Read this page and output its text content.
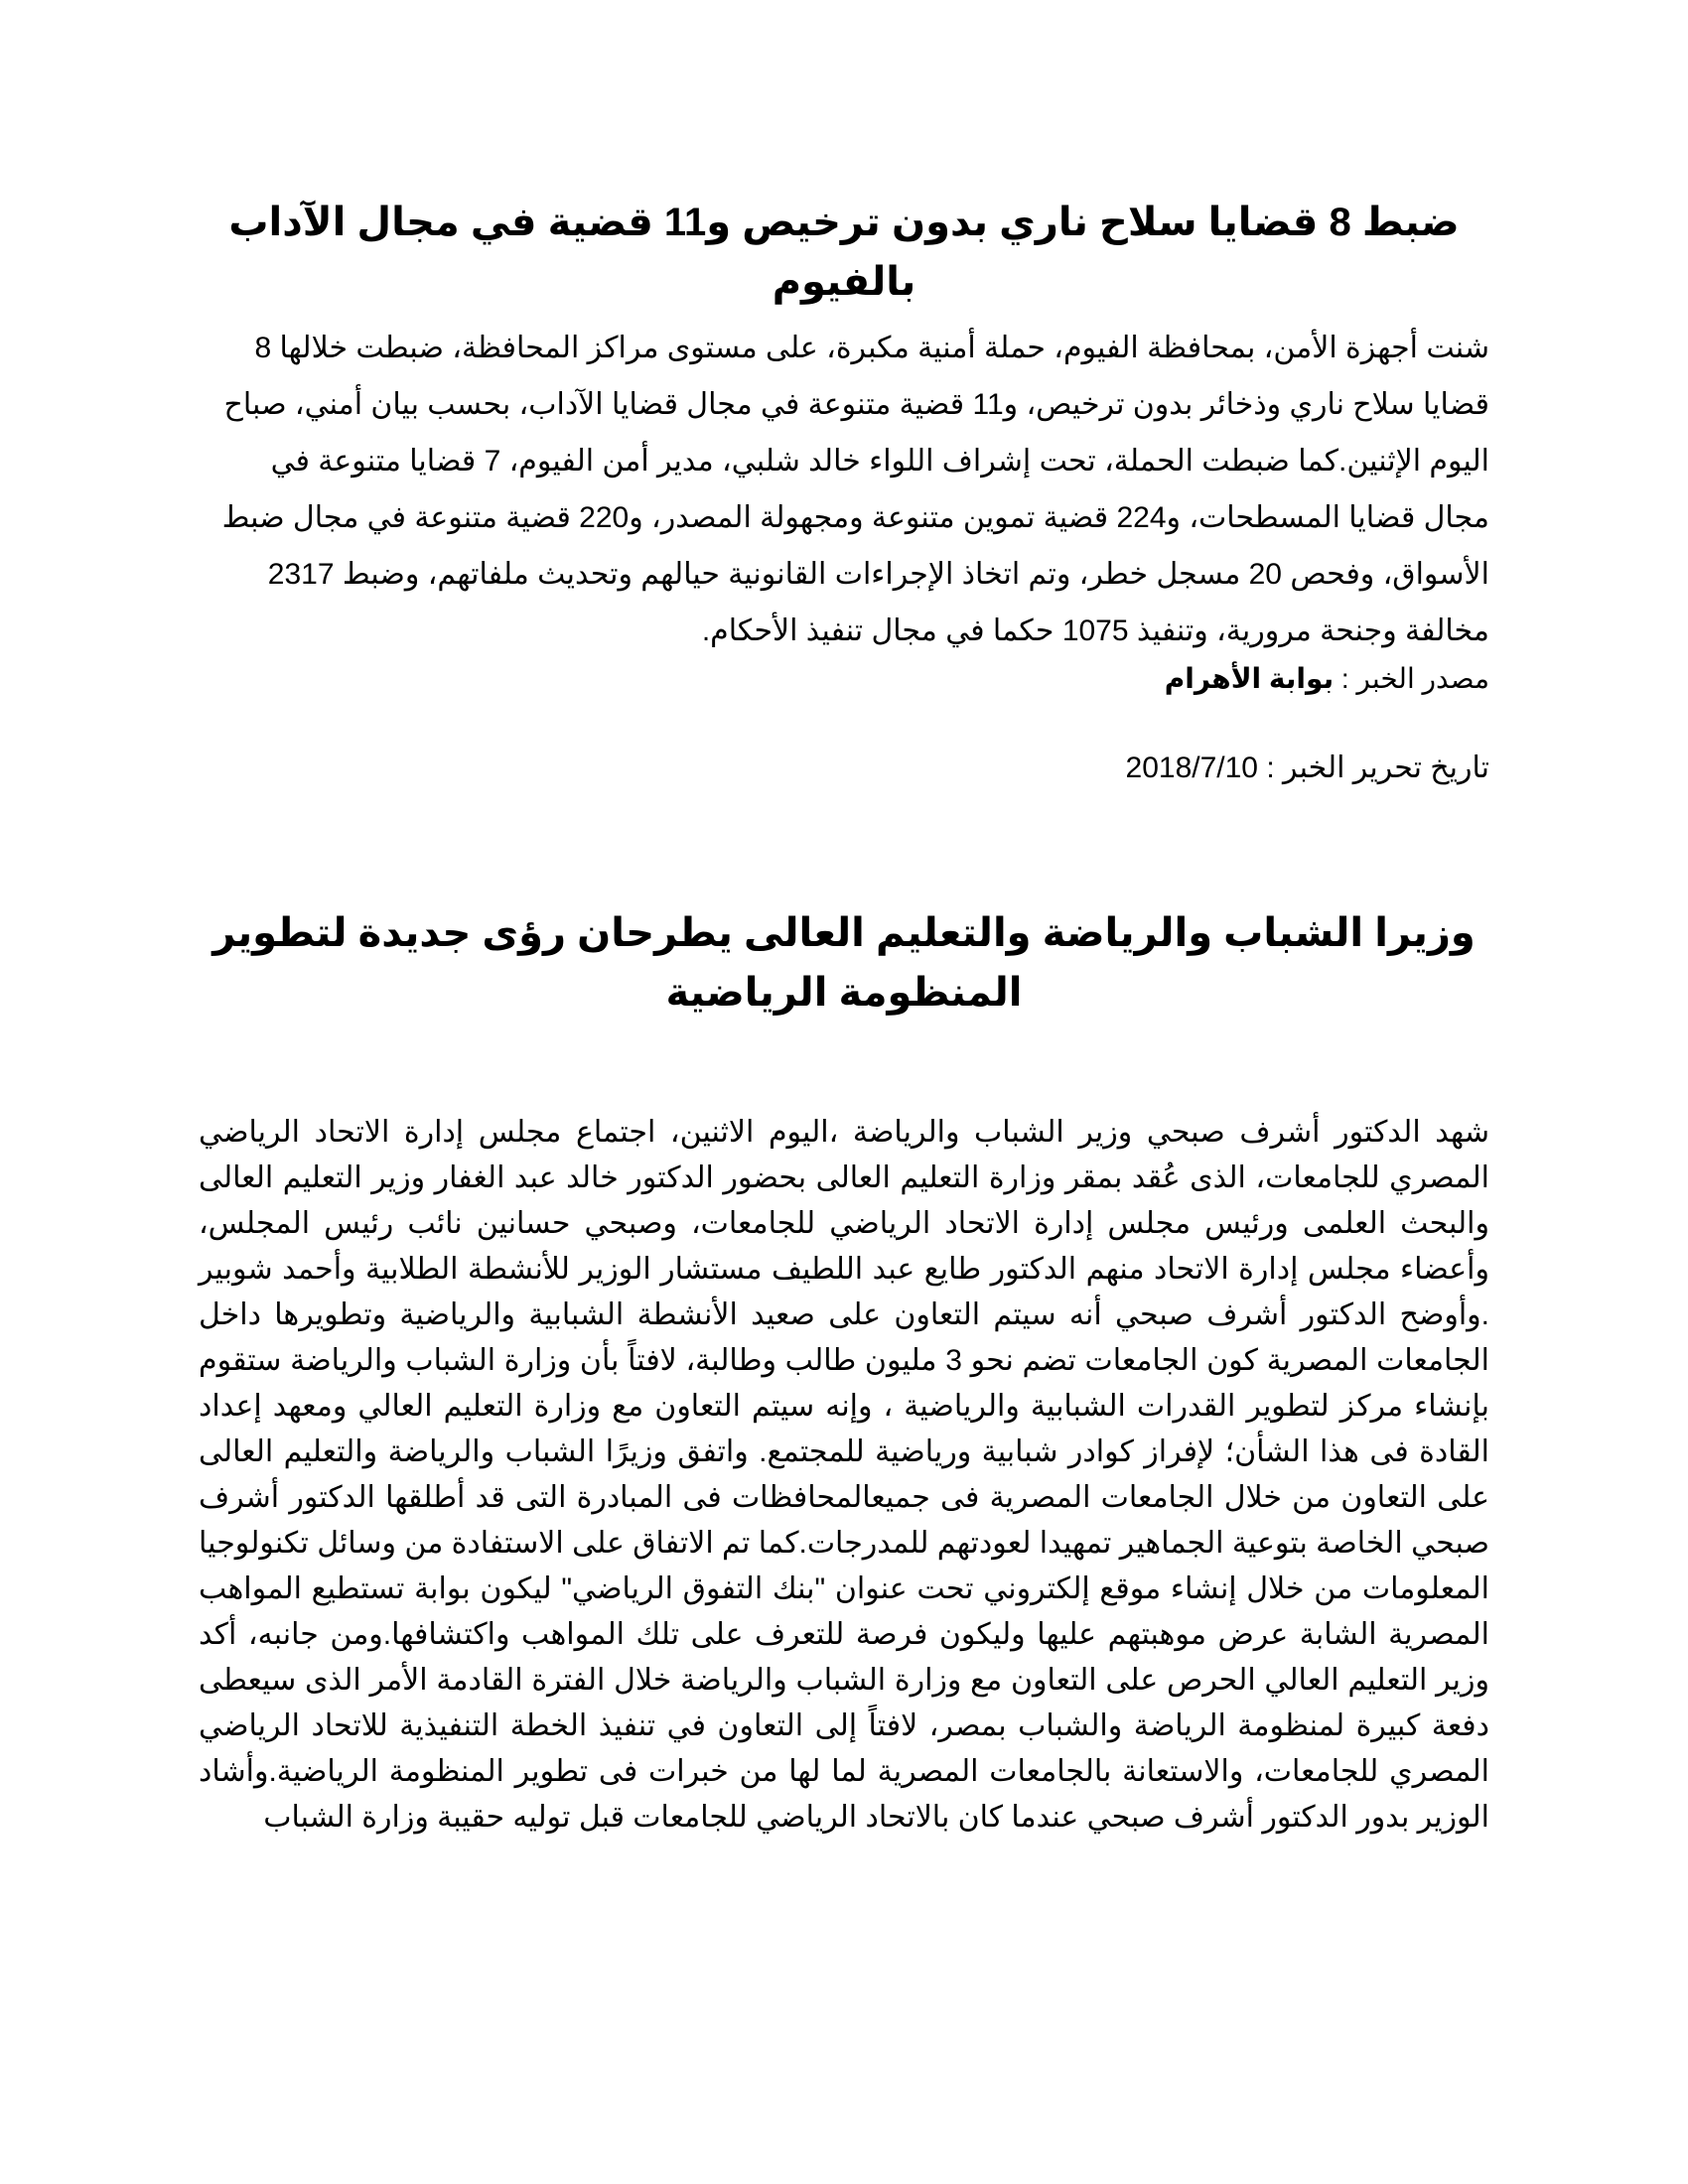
ضبط 8 قضايا سلاح ناري بدون ترخيص و11 قضية في مجال الآداب بالفيوم

شنت أجهزة الأمن، بمحافظة الفيوم، حملة أمنية مكبرة، على مستوى مراكز المحافظة، ضبطت خلالها 8 قضايا سلاح ناري وذخائر بدون ترخيص، و11 قضية متنوعة في مجال قضايا الآداب، بحسب بيان أمني، صباح اليوم الإثنين.كما ضبطت الحملة، تحت إشراف اللواء خالد شلبي، مدير أمن الفيوم، 7 قضايا متنوعة في مجال قضايا المسطحات، و224 قضية تموين متنوعة ومجهولة المصدر، و220 قضية متنوعة في مجال ضبط الأسواق، وفحص 20 مسجل خطر، وتم اتخاذ الإجراءات القانونية حيالهم وتحديث ملفاتهم، وضبط 2317 مخالفة وجنحة مرورية، وتنفيذ 1075 حكما في مجال تنفيذ الأحكام.

مصدر الخبر : بوابة الأهرام

تاريخ تحرير الخبر : 2018/7/10

وزيرا الشباب والرياضة والتعليم العالى يطرحان رؤى جديدة لتطوير المنظومة الرياضية

شهد الدكتور أشرف صبحي وزير الشباب والرياضة ،اليوم الاثنين، اجتماع مجلس إدارة الاتحاد الرياضي المصري للجامعات، الذى عُقد بمقر وزارة التعليم العالى بحضور الدكتور خالد عبد الغفار وزير التعليم العالى والبحث العلمى ورئيس مجلس إدارة الاتحاد الرياضي للجامعات، وصبحي حسانين نائب رئيس المجلس، وأعضاء مجلس إدارة الاتحاد منهم الدكتور طايع عبد اللطيف مستشار الوزير للأنشطة الطلابية وأحمد شوبير .وأوضح الدكتور أشرف صبحي أنه سيتم التعاون على صعيد الأنشطة الشبابية والرياضية وتطويرها داخل الجامعات المصرية كون الجامعات تضم نحو 3 مليون طالب وطالبة، لافتاً بأن وزارة الشباب والرياضة ستقوم بإنشاء مركز لتطوير القدرات الشبابية والرياضية ، وإنه سيتم التعاون مع وزارة التعليم العالي ومعهد إعداد القادة فى هذا الشأن؛ لإفراز كوادر شبابية ورياضية للمجتمع. واتفق وزيرًا الشباب والرياضة والتعليم العالى على التعاون من خلال الجامعات المصرية فى جميعالمحافظات فى المبادرة التى قد أطلقها الدكتور أشرف صبحي الخاصة بتوعية الجماهير تمهيدا لعودتهم للمدرجات.كما تم الاتفاق على الاستفادة من وسائل تكنولوجيا المعلومات من خلال إنشاء موقع إلكتروني تحت عنوان "بنك التفوق الرياضي" ليكون بوابة تستطيع المواهب المصرية الشابة عرض موهبتهم عليها وليكون فرصة للتعرف على تلك المواهب واكتشافها.ومن جانبه، أكد وزير التعليم العالي الحرص على التعاون مع وزارة الشباب والرياضة خلال الفترة القادمة الأمر الذى سيعطى دفعة كبيرة لمنظومة الرياضة والشباب بمصر، لافتاً إلى التعاون في تنفيذ الخطة التنفيذية للاتحاد الرياضي المصري للجامعات، والاستعانة بالجامعات المصرية لما لها من خبرات فى تطوير المنظومة الرياضية.وأشاد الوزير بدور الدكتور أشرف صبحي عندما كان بالاتحاد الرياضي للجامعات قبل توليه حقيبة وزارة الشباب
